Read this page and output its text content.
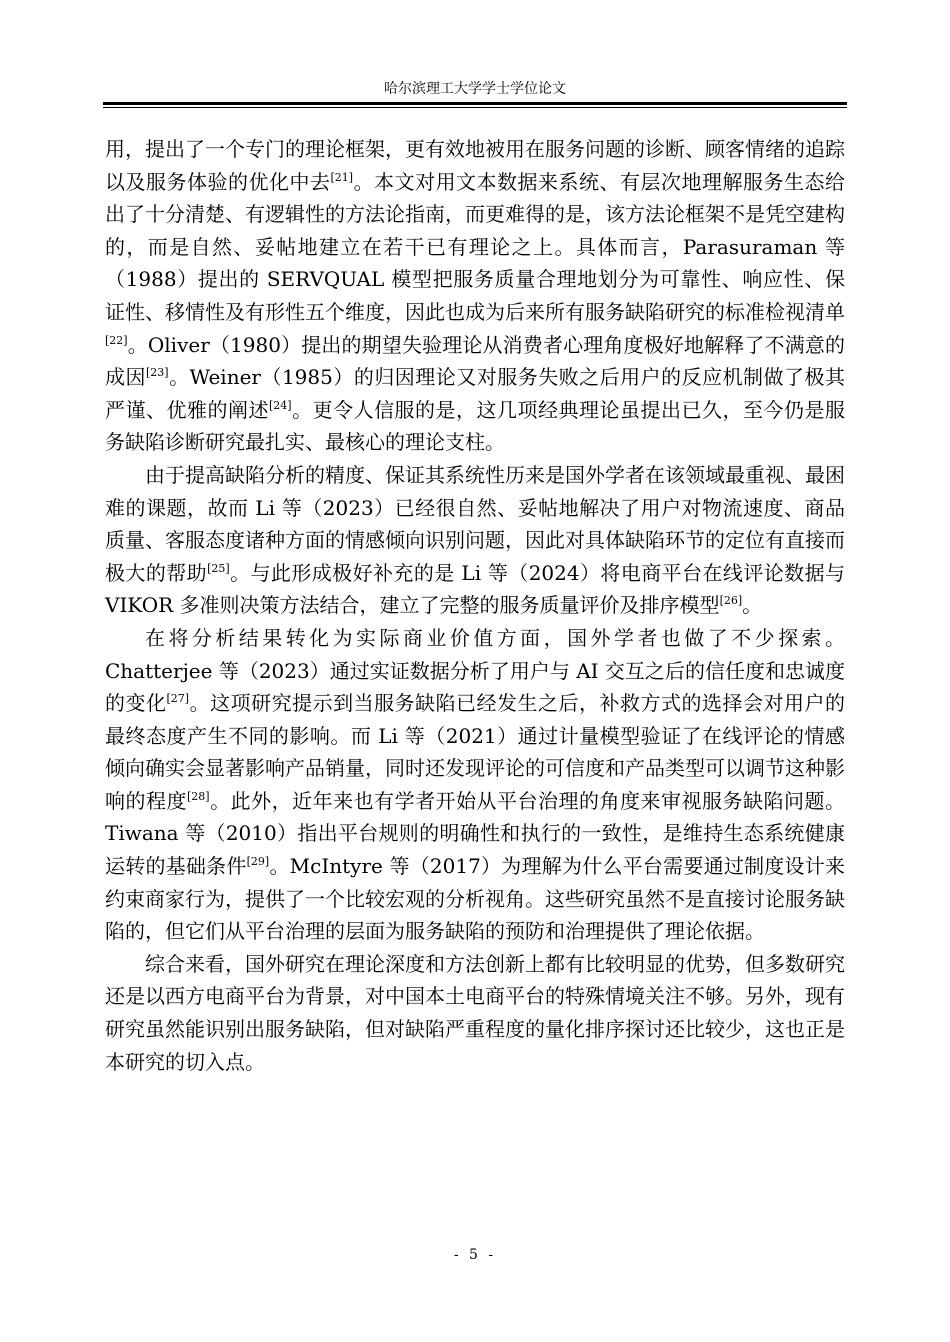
哈尔滨理工大学学士学位论文

用，提出了一个专门的理论框架，更有效地被用在服务问题的诊断、顾客情绪的追踪以及服务体验的优化中去[21]。本文对用文本数据来系统、有层次地理解服务生态给出了十分清楚、有逻辑性的方法论指南，而更难得的是，该方法论框架不是凭空建构的，而是自然、妥帖地建立在若干已有理论之上。具体而言，Parasuraman 等（1988）提出的 SERVQUAL 模型把服务质量合理地划分为可靠性、响应性、保证性、移情性及有形性五个维度，因此也成为后来所有服务缺陷研究的标准检视清单[22]。Oliver（1980）提出的期望失验理论从消费者心理角度极好地解释了不满意的成因[23]。Weiner（1985）的归因理论又对服务失败之后用户的反应机制做了极其严谨、优雅的阐述[24]。更令人信服的是，这几项经典理论虽提出已久，至今仍是服务缺陷诊断研究最扎实、最核心的理论支柱。

由于提高缺陷分析的精度、保证其系统性历来是国外学者在该领域最重视、最困难的课题，故而 Li 等（2023）已经很自然、妥帖地解决了用户对物流速度、商品质量、客服态度诸种方面的情感倾向识别问题，因此对具体缺陷环节的定位有直接而极大的帮助[25]。与此形成极好补充的是 Li 等（2024）将电商平台在线评论数据与 VIKOR 多准则决策方法结合，建立了完整的服务质量评价及排序模型[26]。

在将分析结果转化为实际商业价值方面，国外学者也做了不少探索。Chatterjee 等（2023）通过实证数据分析了用户与 AI 交互之后的信任度和忠诚度的变化[27]。这项研究提示到当服务缺陷已经发生之后，补救方式的选择会对用户的最终态度产生不同的影响。而 Li 等（2021）通过计量模型验证了在线评论的情感倾向确实会显著影响产品销量，同时还发现评论的可信度和产品类型可以调节这种影响的程度[28]。此外，近年来也有学者开始从平台治理的角度来审视服务缺陷问题。Tiwana 等（2010）指出平台规则的明确性和执行的一致性，是维持生态系统健康运转的基础条件[29]。McIntyre 等（2017）为理解为什么平台需要通过制度设计来约束商家行为，提供了一个比较宏观的分析视角。这些研究虽然不是直接讨论服务缺陷的，但它们从平台治理的层面为服务缺陷的预防和治理提供了理论依据。

综合来看，国外研究在理论深度和方法创新上都有比较明显的优势，但多数研究还是以西方电商平台为背景，对中国本土电商平台的特殊情境关注不够。另外，现有研究虽然能识别出服务缺陷，但对缺陷严重程度的量化排序探讨还比较少，这也正是本研究的切入点。

- 5 -
